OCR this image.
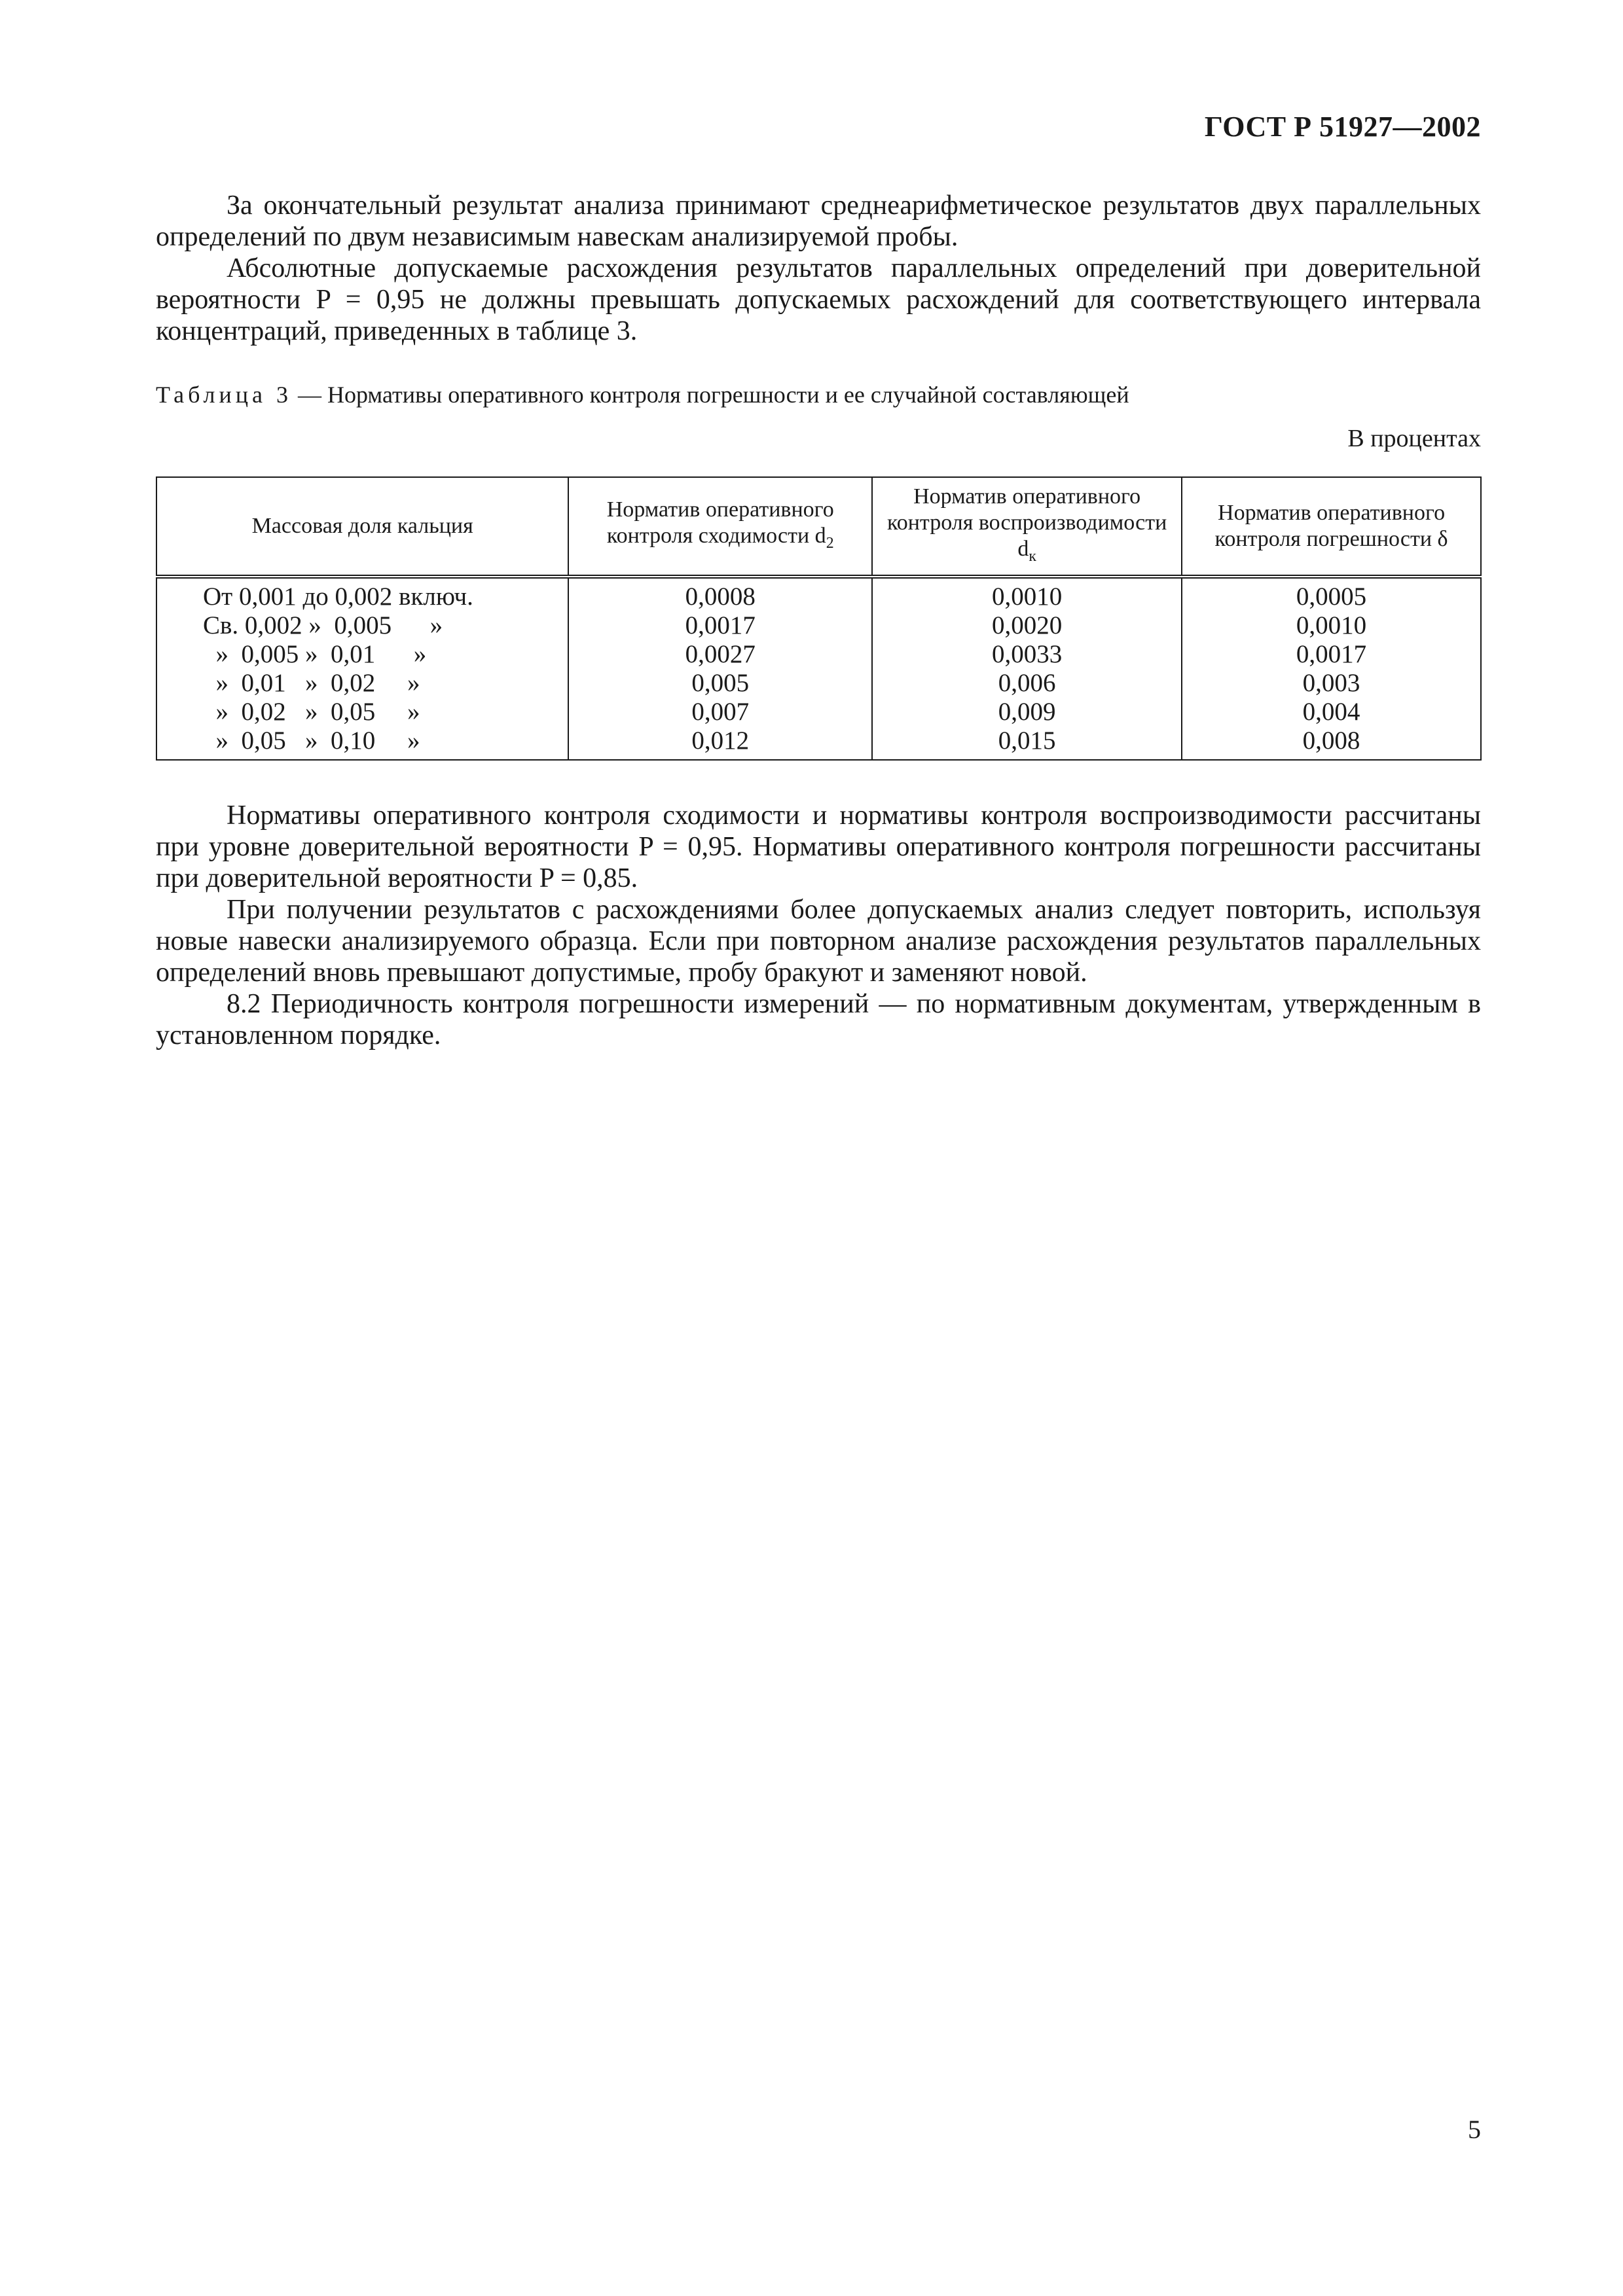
ГОСТ Р 51927—2002

За окончательный результат анализа принимают среднеарифметическое результатов двух параллельных определений по двум независимым навескам анализируемой пробы.

Абсолютные допускаемые расхождения результатов параллельных определений при доверительной вероятности P = 0,95 не должны превышать допускаемых расхождений для соответствующего интервала концентраций, приведенных в таблице 3.

Таблица 3 — Нормативы оперативного контроля погрешности и ее случайной составляющей
В процентах
Массовая доля кальция	Норматив оперативного контроля сходимости $d_2$	Норматив оперативного контроля воспроизводимости $d_к$	Норматив оперативного контроля погрешности δ
От 0,001 до 0,002 включ.	0,0008	0,0010	0,0005
Св. 0,002 »  0,005      »	0,0017	0,0020	0,0010
»  0,005 »  0,01      »	0,0027	0,0033	0,0017
»  0,01   »  0,02     »	0,005	0,006	0,003
»  0,02   »  0,05     »	0,007	0,009	0,004
»  0,05   »  0,10     »	0,012	0,015	0,008

Нормативы оперативного контроля сходимости и нормативы контроля воспроизводимости рассчитаны при уровне доверительной вероятности P = 0,95. Нормативы оперативного контроля погрешности рассчитаны при доверительной вероятности P = 0,85.

При получении результатов с расхождениями более допускаемых анализ следует повторить, используя новые навески анализируемого образца. Если при повторном анализе расхождения результатов параллельных определений вновь превышают допустимые, пробу бракуют и заменяют новой.

8.2 Периодичность контроля погрешности измерений — по нормативным документам, утвержденным в установленном порядке.

5
